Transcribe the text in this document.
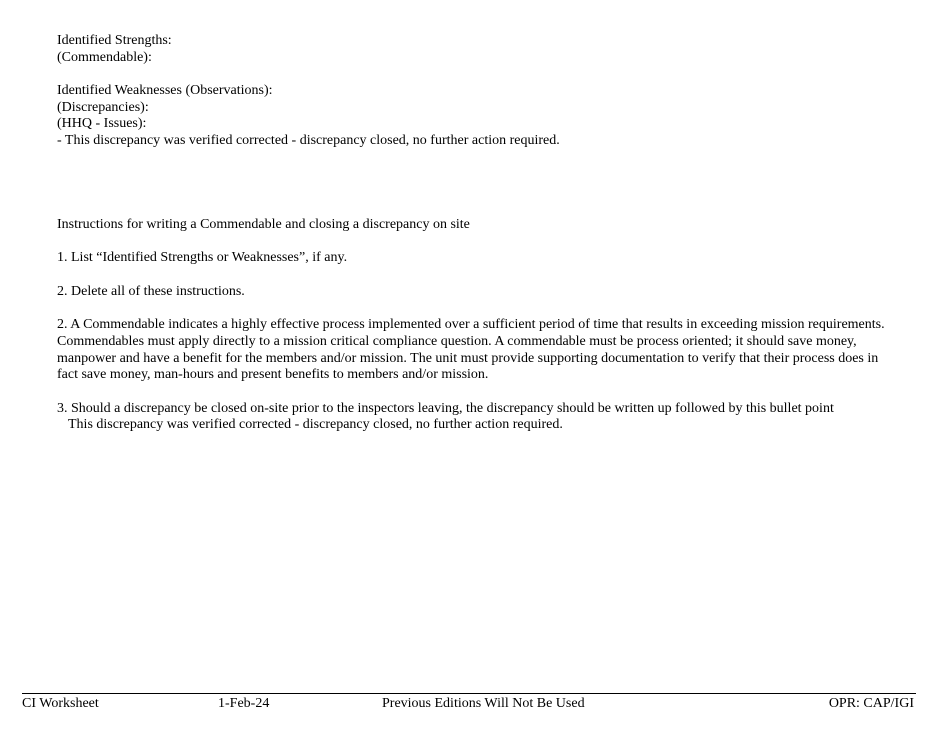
Identified Strengths:
(Commendable):
Identified Weaknesses (Observations):
(Discrepancies):
(HHQ - Issues):
- This discrepancy was verified corrected - discrepancy closed, no further action required.
Instructions for writing a Commendable and closing a discrepancy on site
1. List “Identified Strengths or Weaknesses”, if any.
2. Delete all of these instructions.

2. A Commendable indicates a highly effective process implemented over a sufficient period of time that results in exceeding mission requirements. Commendables must apply directly to a mission critical compliance question. A commendable must be process oriented; it should save money, manpower and have a benefit for the members and/or mission. The unit must provide supporting documentation to verify that their process does in fact save money, man-hours and present benefits to members and/or mission.

3. Should a discrepancy be closed on-site prior to the inspectors leaving, the discrepancy should be written up followed by this bullet point
This discrepancy was verified corrected - discrepancy closed, no further action required.
CI Worksheet	1-Feb-24	Previous Editions Will Not Be Used	OPR: CAP/IGI
